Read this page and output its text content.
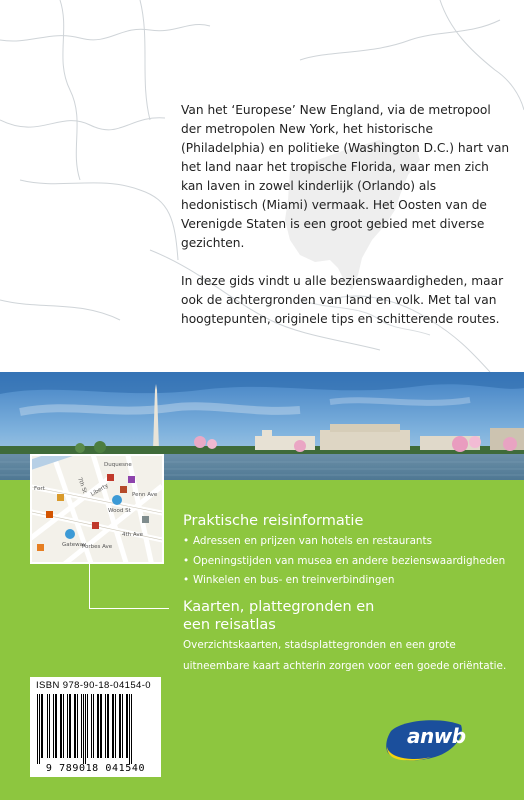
Van het ‘Europese’ New England, via de metropool der metropolen New York, het historische (Philadelphia) en politieke (Washington D.C.) hart van het land naar het tropische Florida, waar men zich kan laven in zowel kinderlijk (Orlando) als hedonistisch (Miami) vermaak. Het Oosten van de Verenigde Staten is een groot gebied met diverse gezichten.

In deze gids vindt u alle bezienswaardigheden, maar ook de achtergronden van land en volk. Met tal van hoogtepunten, originele tips en schitterende routes.

Duquesne
Liberty
7th St
Penn Ave
Fort
Forbes Ave
4th Ave
Wood St
Gateway
Praktische reisinformatie
• Adressen en prijzen van hotels en restaurants
• Openingstijden van musea en andere bezienswaardigheden
• Winkelen en bus- en treinverbindingen
Kaarten, plattegronden en
een reisatlas
Overzichtskaarten, stadsplattegronden en een grote uitneembare kaart achterin zorgen voor een goede oriëntatie.
ISBN 978-90-18-04154-0
9 789018 041540
anwb
